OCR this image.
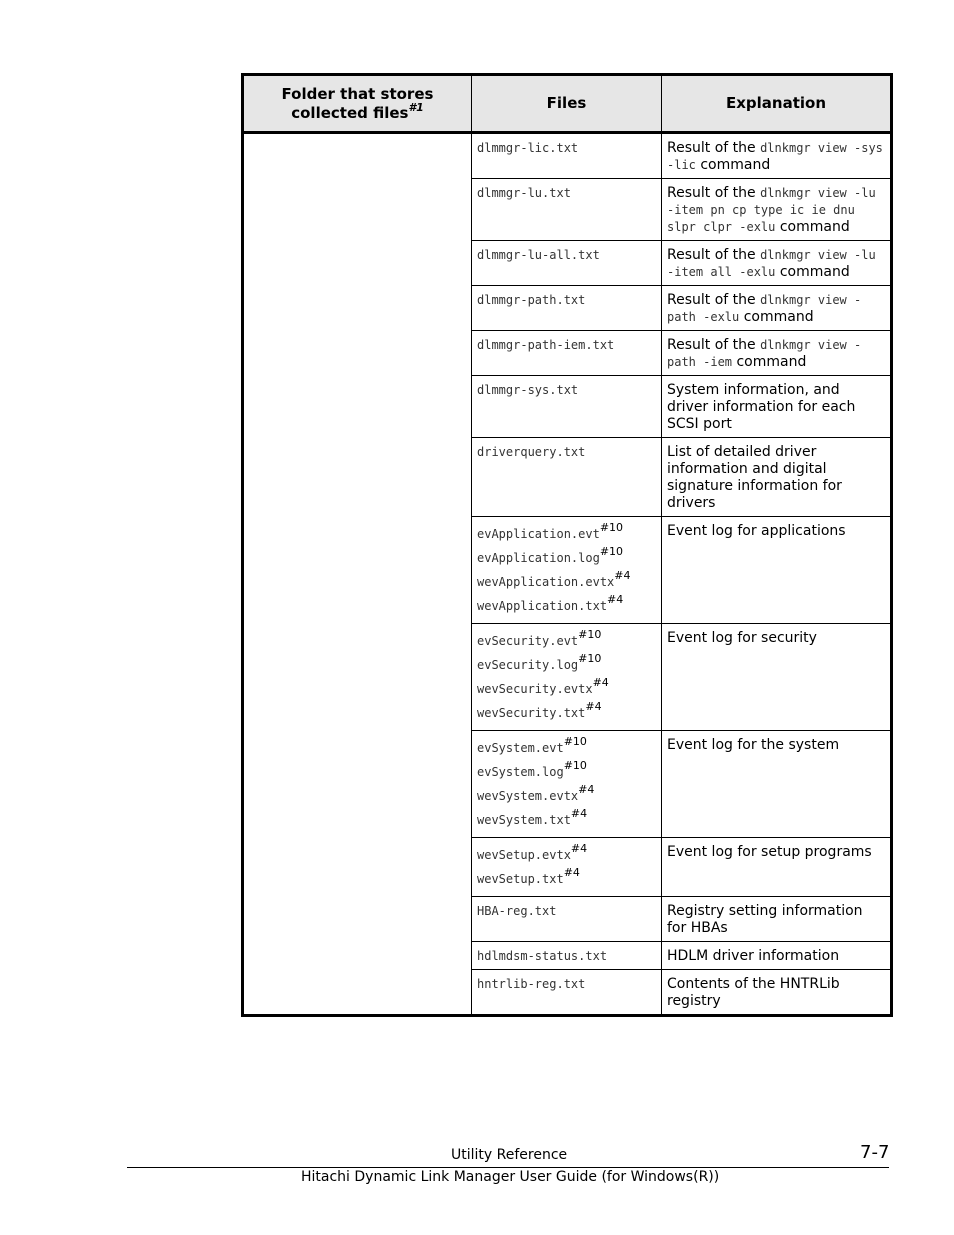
Folder that stores collected files$^{\#1}$	Files	Explanation

	dlmmgr-lic.txt	Result of the dlnkmgr view -sys -lic command

	dlmmgr-lu.txt	Result of the dlnkmgr view -lu -item pn cp type ic ie dnu slpr clpr -exlu command

	dlmmgr-lu-all.txt	Result of the dlnkmgr view -lu -item all -exlu command

	dlmmgr-path.txt	Result of the dlnkmgr view -path -exlu command

	dlmmgr-path-iem.txt	Result of the dlnkmgr view -path -iem command

	dlmmgr-sys.txt	System information, and driver information for each SCSI port

	driverquery.txt	List of detailed driver information and digital signature information for drivers

	evApplication.evt$^{\#10}$
$evApplication.\log^{\#10}$
wevApplication.evtx$^{\#4}$
wevApplication.txt$^{\#4}$	Event log for applications

	evSecurity.evt$^{\#10}$
$evSecurity.\log^{\#10}$
wevSecurity.evtx$^{\#4}$
wevSecurity.txt$^{\#4}$	Event log for security

	evSystem.evt$^{\#10}$
$evSystem.\log^{\#10}$
wevSystem.evtx$^{\#4}$
wevSystem.txt$^{\#4}$	Event log for the system

	wevSetup.evtx$^{\#4}$
wevSetup.txt$^{\#4}$	Event log for setup programs

	HBA-reg.txt	Registry setting information for HBAs

	hdlmdsm-status.txt	HDLM driver information

	hntrlib-reg.txt	Contents of the HNTRLib registry
Utility Reference	7-7
Hitachi Dynamic Link Manager User Guide (for Windows(R))
